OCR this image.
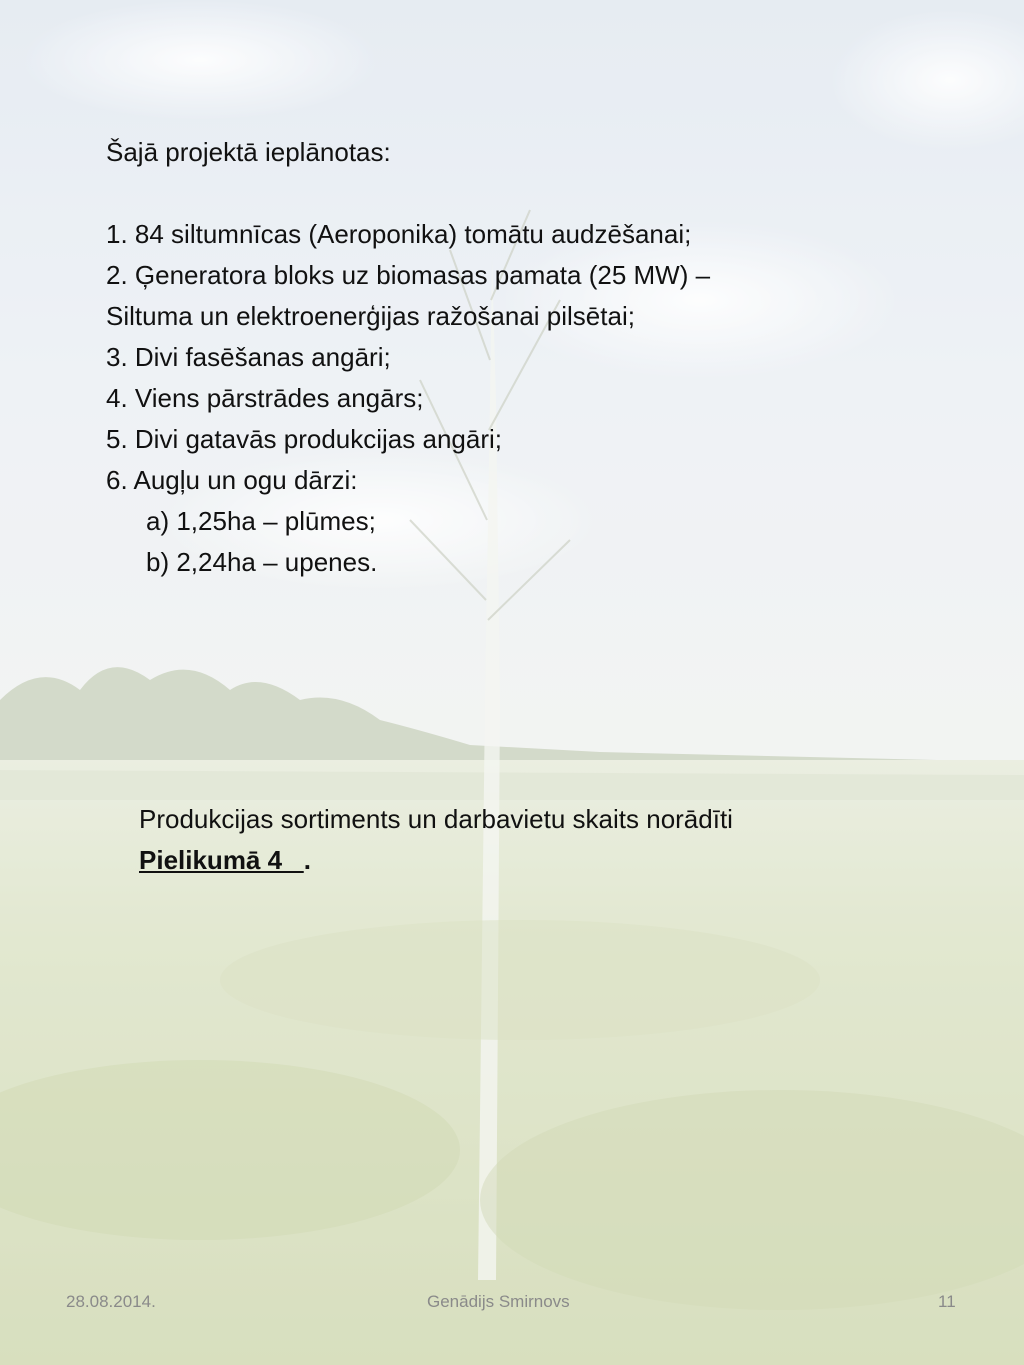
Šajā projektā ieplānotas:
1. 84 siltumnīcas (Aeroponika) tomātu audzēšanai;
2. Ģeneratora bloks uz biomasas pamata (25 MW) –
Siltuma un elektroenerģijas ražošanai pilsētai;
3. Divi fasēšanas angāri;
4. Viens pārstrādes angārs;
5. Divi gatavās produkcijas angāri;
6. Augļu un ogu dārzi:
a) 1,25ha – plūmes;
b) 2,24ha – upenes.
Produkcijas sortiments un darbavietu skaits norādīti
Pielikumā 4   .
28.08.2014.	Genādijs Smirnovs	11
